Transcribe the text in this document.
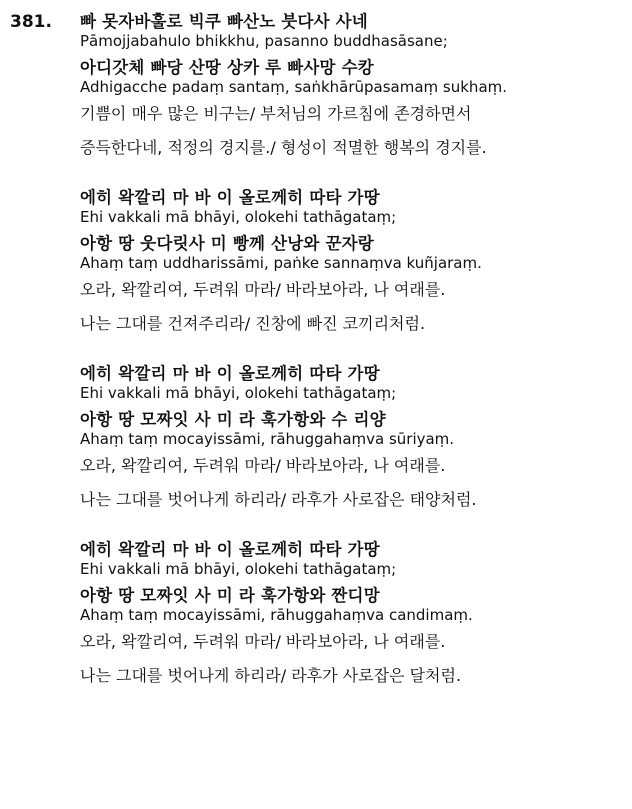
381. 빠 못자바훌로 빅쿠 빠산노 붓다사 사네
Pāmojjabahulo bhikkhu, pasanno buddhasāsane;
아디갓체 빠당 산땅 상카 루 빠사망 수캉
Adhigacche padaṃ santaṃ, saṅkhārūpasamaṃ sukhaṃ.
기쁨이 매우 많은 비구는/ 부처님의 가르침에 존경하면서
증득한다네, 적정의 경지를./ 형성이 적멸한 행복의 경지를.
에히 왁깔리 마 바 이 올로께히 따타 가땅
Ehi vakkali mā bhāyi, olokehi tathāgataṃ;
아항 땅 웃다릿사 미 빵께 산낭와 꾼자랑
Ahaṃ taṃ uddharissāmi, paṅke sannaṃva kuñjaraṃ.
오라, 왁깔리여, 두려워 마라/ 바라보아라, 나 여래를.
나는 그대를 건져주리라/ 진창에 빠진 코끼리처럼.
에히 왁깔리 마 바 이 올로께히 따타 가땅
Ehi vakkali mā bhāyi, olokehi tathāgataṃ;
아항 땅 모짜잇 사 미 라 훅가항와 수 리양
Ahaṃ taṃ mocayissāmi, rāhuggahaṃva sūriyaṃ.
오라, 왁깔리여, 두려워 마라/ 바라보아라, 나 여래를.
나는 그대를 벗어나게 하리라/ 라후가 사로잡은 태양처럼.
에히 왁깔리 마 바 이 올로께히 따타 가땅
Ehi vakkali mā bhāyi, olokehi tathāgataṃ;
아항 땅 모짜잇 사 미 라 훅가항와 짠디망
Ahaṃ taṃ mocayissāmi, rāhuggahaṃva candimaṃ.
오라, 왁깔리여, 두려워 마라/ 바라보아라, 나 여래를.
나는 그대를 벗어나게 하리라/ 라후가 사로잡은 달처럼.
